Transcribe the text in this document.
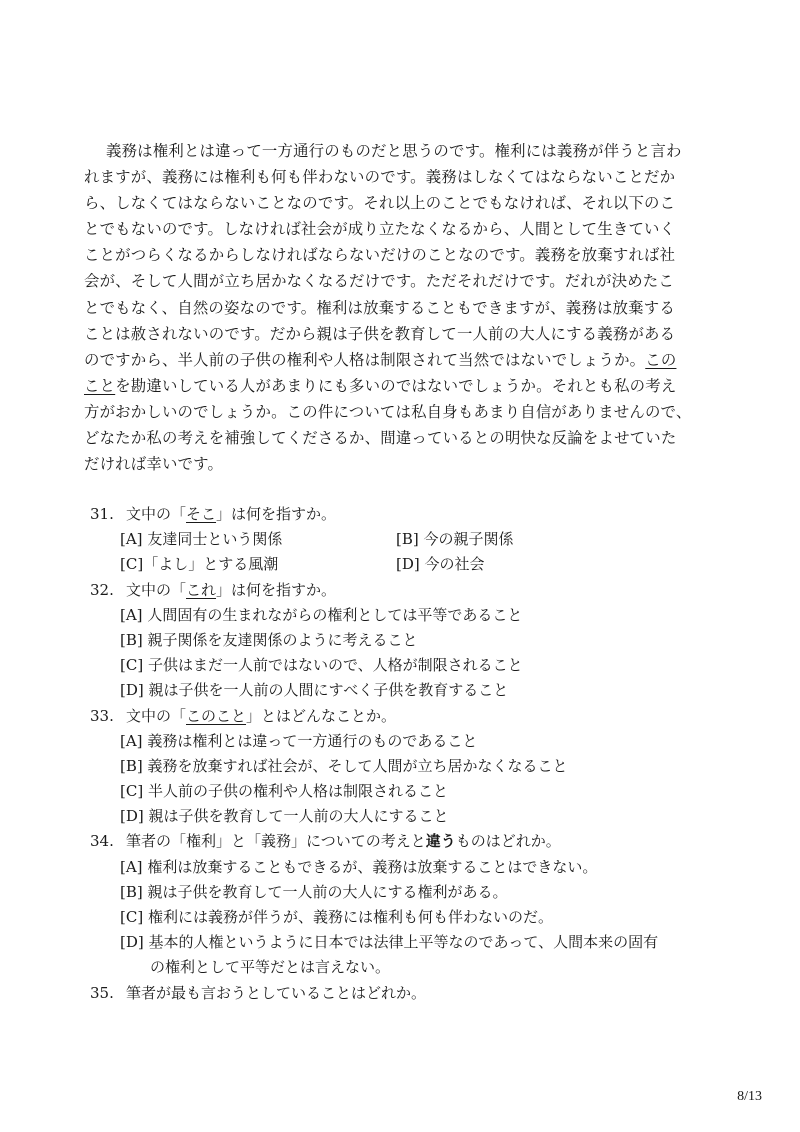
義務は権利とは違って一方通行のものだと思うのです。権利には義務が伴うと言わ
れますが、義務には権利も何も伴わないのです。義務はしなくてはならないことだか
ら、しなくてはならないことなのです。それ以上のことでもなければ、それ以下のこ
とでもないのです。しなければ社会が成り立たなくなるから、人間として生きていく
ことがつらくなるからしなければならないだけのことなのです。義務を放棄すれば社
会が、そして人間が立ち居かなくなるだけです。ただそれだけです。だれが決めたこ
とでもなく、自然の姿なのです。権利は放棄することもできますが、義務は放棄する
ことは赦されないのです。だから親は子供を教育して一人前の大人にする義務がある
のですから、半人前の子供の権利や人格は制限されて当然ではないでしょうか。この
ことを勘違いしている人があまりにも多いのではないでしょうか。それとも私の考え
方がおかしいのでしょうか。この件については私自身もあまり自信がありませんので、
どなたか私の考えを補強してくださるか、間違っているとの明快な反論をよせていた
だければ幸いです。
31. 文中の「そこ」は何を指すか。
[A] 友達同士という関係	[B] 今の親子関係
[C]「よし」とする風潮	[D] 今の社会
32. 文中の「これ」は何を指すか。
[A]
人間固有の生まれながらの権利としては平等であること
[B]
親子関係を友達関係のように考えること
[C]
子供はまだ一人前ではないので、人格が制限されること
[D]
親は子供を一人前の人間にすべく子供を教育すること
33. 文中の「このこと」とはどんなことか。
[A]
義務は権利とは違って一方通行のものであること
[B]
義務を放棄すれば社会が、そして人間が立ち居かなくなること
[C]
半人前の子供の権利や人格は制限されること
[D]
親は子供を教育して一人前の大人にすること
34. 筆者の「権利」と「義務」についての考えと違うものはどれか。
[A]
権利は放棄することもできるが、義務は放棄することはできない。
[B]
親は子供を教育して一人前の大人にする権利がある。
[C]
権利には義務が伴うが、義務には権利も何も伴わないのだ。
[D]
基本的人権というように日本では法律上平等なのであって、人間本来の固有
の権利として平等だとは言えない。
35. 筆者が最も言おうとしていることはどれか。
8/13
